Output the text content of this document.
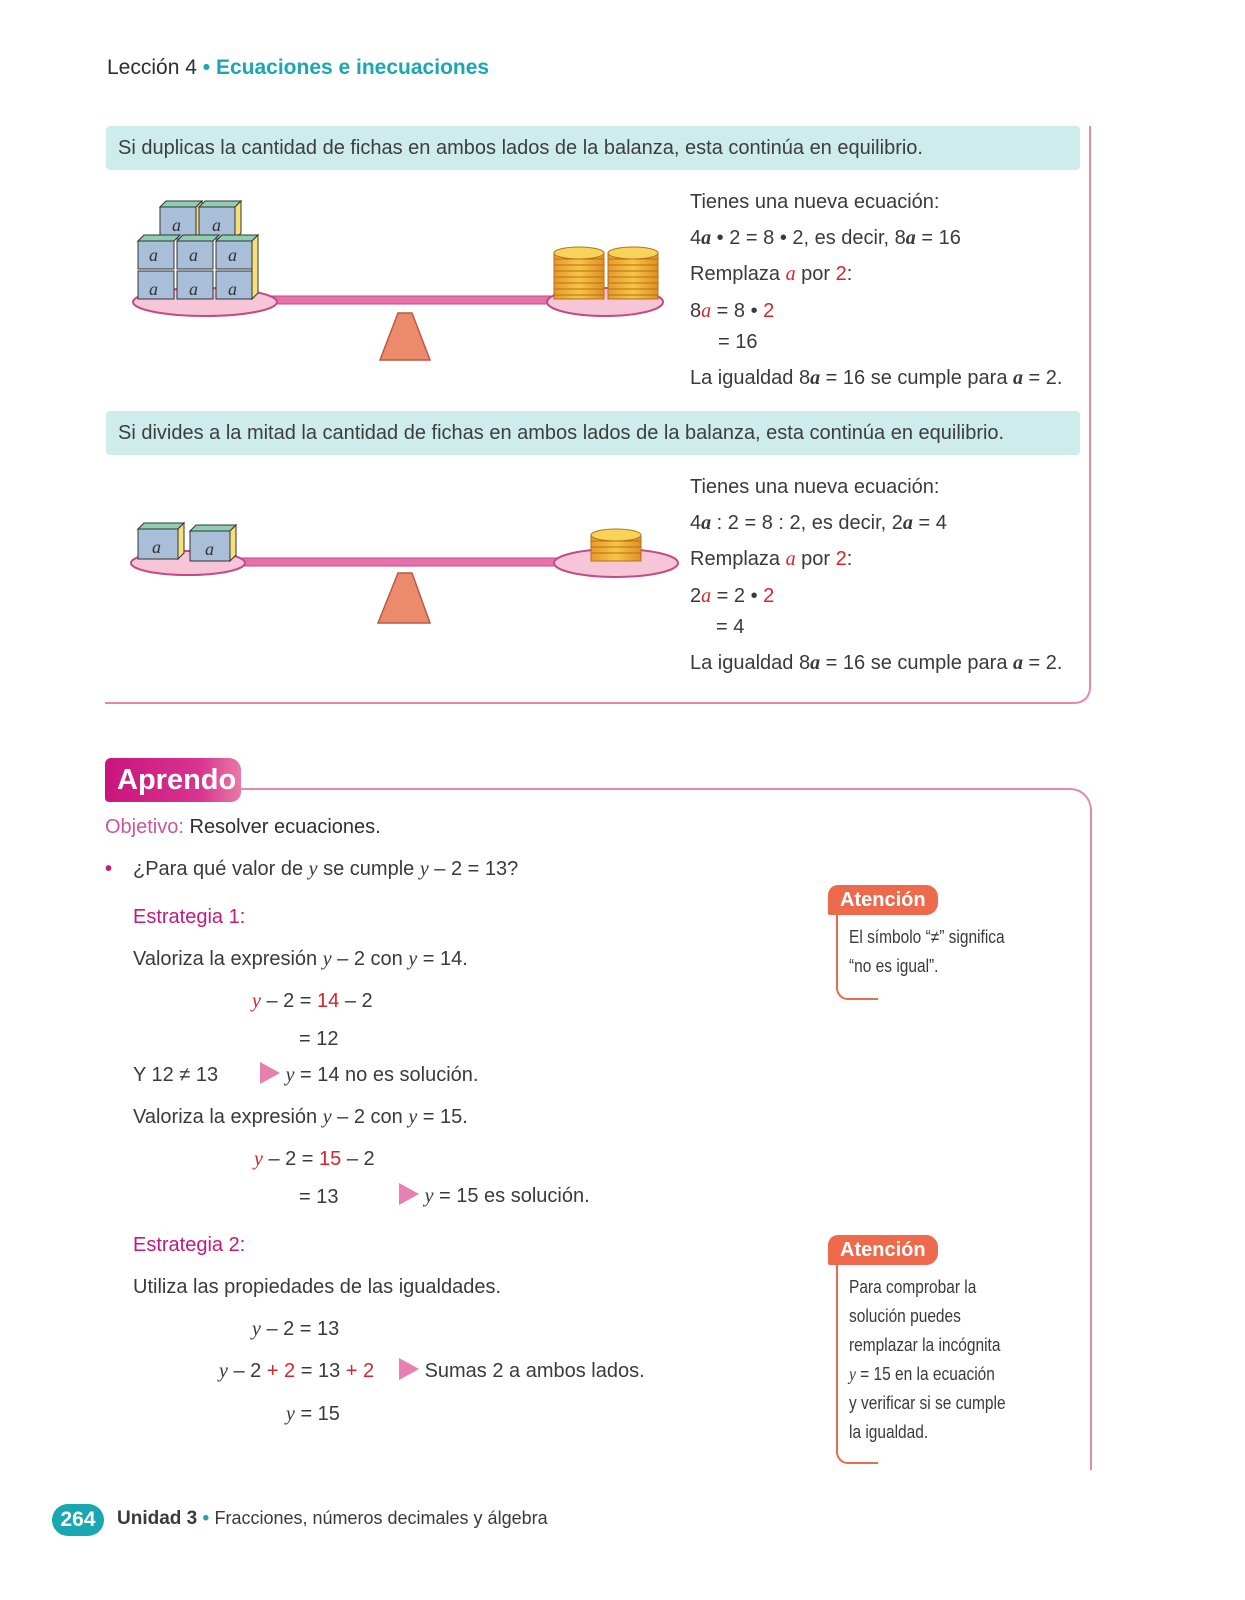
Lección 4 • Ecuaciones e inecuaciones
Si duplicas la cantidad de fichas en ambos lados de la balanza, esta continúa en equilibrio.
a a
a a a
a a a
Tienes una nueva ecuación:
4a • 2 = 8 • 2, es decir, 8a = 16
Remplaza a por 2:
8a = 8 • 2
= 16
La igualdad 8a = 16 se cumple para a = 2.
Si divides a la mitad la cantidad de fichas en ambos lados de la balanza, esta continúa en equilibrio.
a a
Tienes una nueva ecuación:
4a : 2 = 8 : 2, es decir, 2a = 4
Remplaza a por 2:
2a = 2 • 2
= 4
La igualdad 8a = 16 se cumple para a = 2.
Aprendo
Objetivo: Resolver ecuaciones.
• ¿Para qué valor de y se cumple y – 2 = 13?
Estrategia 1:
Valoriza la expresión y – 2 con y = 14.
y – 2 = 14 – 2
= 12
Y 12 ≠ 13	y = 14 no es solución.
Valoriza la expresión y – 2 con y = 15.
y – 2 = 15 – 2
= 13	y = 15 es solución.
Estrategia 2:
Utiliza las propiedades de las igualdades.
y – 2 = 13
y – 2 + 2 = 13 + 2	Sumas 2 a ambos lados.
y = 15
Atención
El símbolo “≠” significa
“no es igual”.
Atención
Para comprobar la
solución puedes
remplazar la incógnita
y = 15 en la ecuación
y verificar si se cumple
la igualdad.
264	Unidad 3 • Fracciones, números decimales y álgebra
